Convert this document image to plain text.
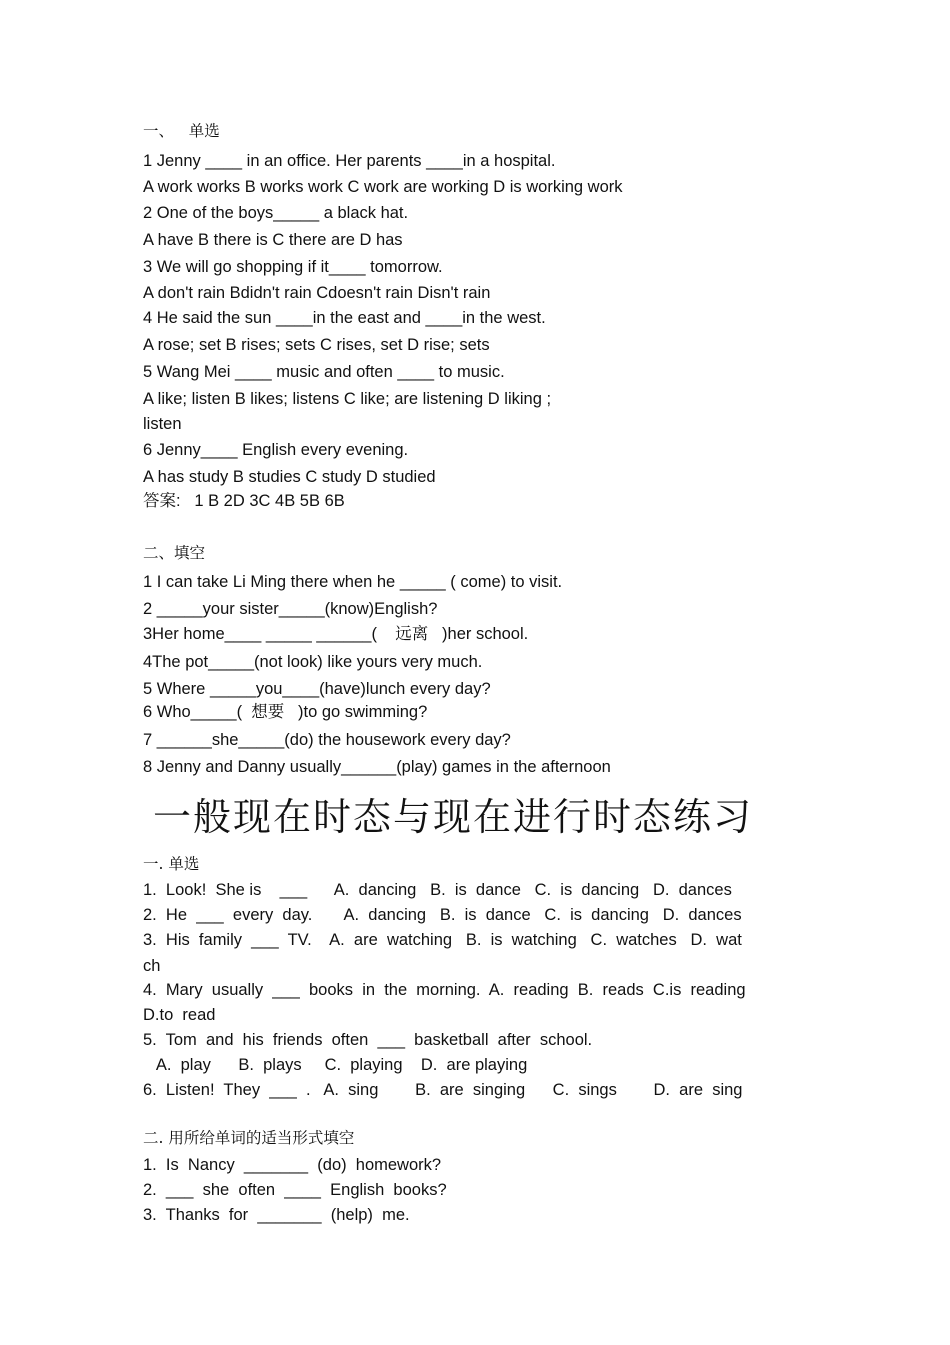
一、   单选
1 Jenny ____ in an office. Her parents ____in a hospital.
A work works B works work C work are working D is working work
2 One of the boys_____ a black hat.
A have B there is C there are D has
3 We will go shopping if it____ tomorrow.
A don't rain Bdidn't rain Cdoesn't rain Disn't rain
4 He said the sun ____in the east and ____in the west.
A rose; set B rises; sets C rises, set D rise; sets
5 Wang Mei ____ music and often ____ to music.
A like; listen B likes; listens C like; are listening D liking ;
listen
6 Jenny____ English every evening.
A has study B studies C study D studied
答案:   1 B 2D 3C 4B 5B 6B
二、填空
1 I can take Li Ming there when he _____ ( come) to visit.
2 _____your sister_____(know)English?
3Her home____ _____ ______(    远离   )her school.
4The pot_____(not look) like yours very much.
5 Where _____you____(have)lunch every day?
6 Who_____(  想要   )to go swimming?
7 ______she_____(do) the housework every day?
8 Jenny and Danny usually______(play) games in the afternoon
一般现在时态与现在进行时态练习
一. 单选
1.  Look!  She is    ___      A.  dancing   B.  is  dance   C.  is  dancing   D.  dances
2.  He  ___  every  day.       A.  dancing   B.  is  dance   C.  is  dancing   D.  dances
3.  His  family  ___  TV.    A.  are  watching   B.  is  watching   C.  watches   D.  wat
ch
4.  Mary  usually  ___  books  in  the  morning.  A.  reading  B.  reads  C.is  reading
D.to  read
5.  Tom  and  his  friends  often  ___  basketball  after  school.
A.  play      B.  plays     C.  playing    D.  are playing
6.  Listen!  They  ___  .   A.  sing        B.  are  singing      C.  sings        D.  are  sing
二. 用所给单词的适当形式填空
1.  Is  Nancy  _______  (do)  homework?
2.  ___  she  often  ____  English  books?
3.  Thanks  for  _______  (help)  me.
